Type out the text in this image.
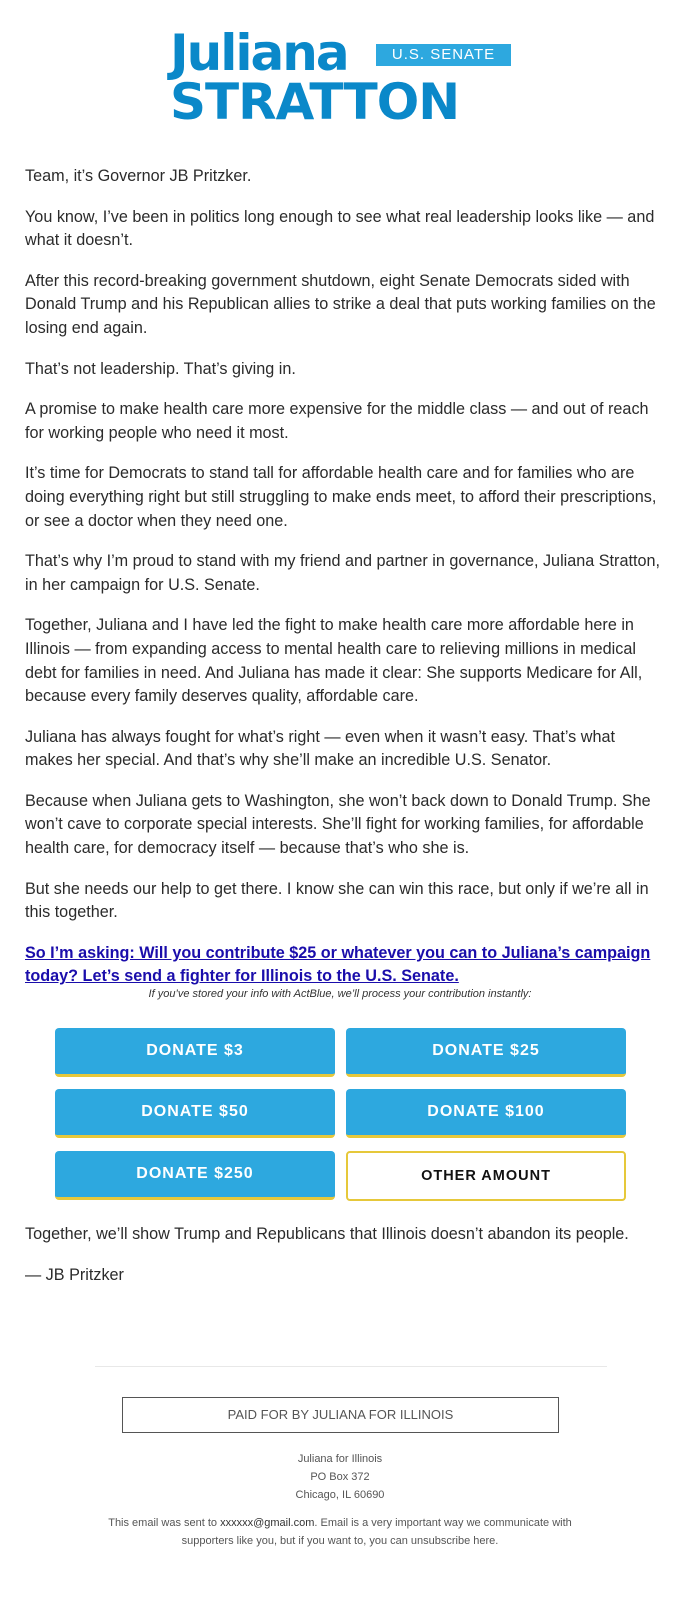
Juliana	U.S. SENATE
STRATTON

Team, it’s Governor JB Pritzker.

You know, I’ve been in politics long enough to see what real leadership looks like — and what it doesn’t.

After this record-breaking government shutdown, eight Senate Democrats sided with Donald Trump and his Republican allies to strike a deal that puts working families on the losing end again.

That’s not leadership. That’s giving in.

A promise to make health care more expensive for the middle class — and out of reach for working people who need it most.

It’s time for Democrats to stand tall for affordable health care and for families who are doing everything right but still struggling to make ends meet, to afford their prescriptions, or see a doctor when they need one.

That’s why I’m proud to stand with my friend and partner in governance, Juliana Stratton, in her campaign for U.S. Senate.

Together, Juliana and I have led the fight to make health care more affordable here in Illinois — from expanding access to mental health care to relieving millions in medical debt for families in need. And Juliana has made it clear: She supports Medicare for All, because every family deserves quality, affordable care.

Juliana has always fought for what’s right — even when it wasn’t easy. That’s what makes her special. And that’s why she’ll make an incredible U.S. Senator.

Because when Juliana gets to Washington, she won’t back down to Donald Trump. She won’t cave to corporate special interests. She’ll fight for working families, for affordable health care, for democracy itself — because that’s who she is.

But she needs our help to get there. I know she can win this race, but only if we’re all in this together.

So I’m asking: Will you contribute $25 or whatever you can to Juliana’s campaign today? Let’s send a fighter for Illinois to the U.S. Senate.

If you’ve stored your info with ActBlue, we’ll process your contribution instantly:
DONATE $3	DONATE $25
DONATE $50	DONATE $100
DONATE $250	OTHER AMOUNT

Together, we’ll show Trump and Republicans that Illinois doesn’t abandon its people.

— JB Pritzker

PAID FOR BY JULIANA FOR ILLINOIS
Juliana for Illinois
PO Box 372
Chicago, IL 60690
This email was sent to xxxxxx@gmail.com. Email is a very important way we communicate with supporters like you, but if you want to, you can unsubscribe here.
